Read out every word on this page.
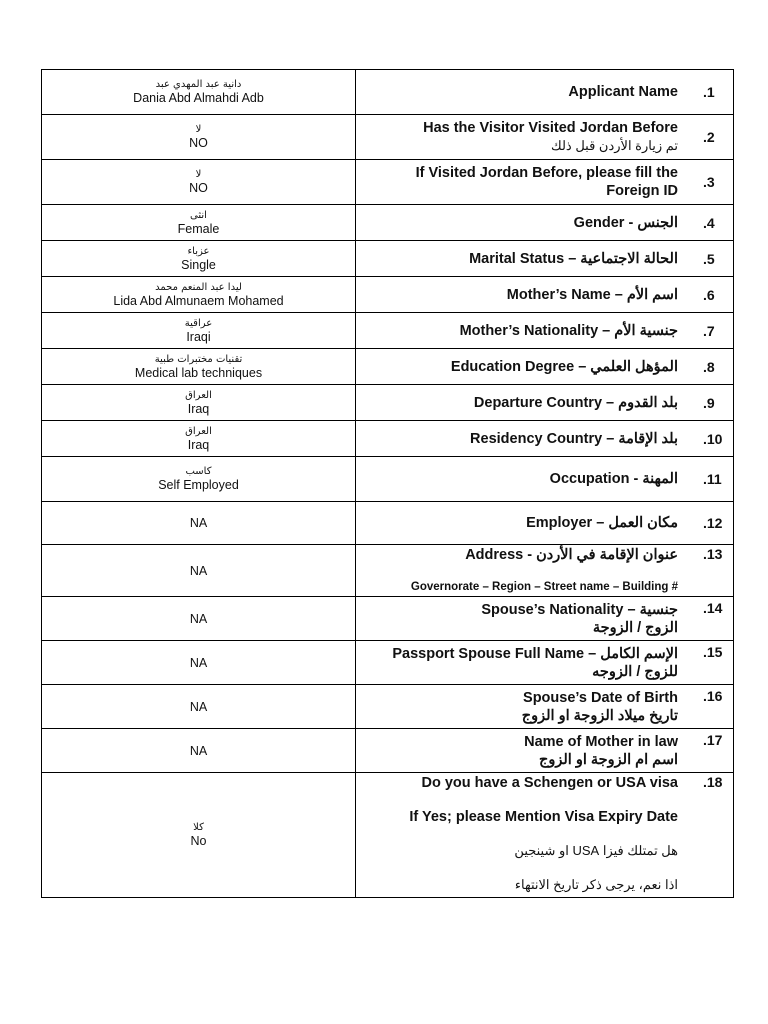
دانية عبد المهدي عبد
Dania Abd Almahdi Adb	Applicant Name .1

لا
NO	Has the Visitor Visited Jordan Before
تم زيارة الأردن قبل ذلك
.2

لا
NO	If Visited Jordan Before, please fill the
Foreign ID
.3

انثى
Female	الجنس - Gender .4

عزباء
Single	الحالة الاجتماعية – Marital Status .5

ليدا عبد المنعم محمد
Lida Abd Almunaem Mohamed	اسم الأم – Mother’s Name .6

عراقية
Iraqi	جنسية الأم – Mother’s Nationality .7

تقنيات مختبرات طبية
Medical lab techniques	المؤهل العلمي – Education Degree .8

العراق
Iraq	بلد القدوم – Departure Country .9

العراق
Iraq	بلد الإقامة – Residency Country .10

كاسب
Self Employed	المهنة - Occupation .11

NA	مكان العمل – Employer .12

NA	عنوان الإقامة في الأردن - Address
Governorate – Region – Street name – Building #
.13

NA	جنسية – Spouse’s Nationality
الزوج / الزوجة
.14

NA	الإسم الكامل – Passport Spouse Full Name
للزوج / الزوجه
.15

NA	Spouse’s Date of Birth
تاريخ ميلاد الزوجة او الزوج
.16

NA	Name of Mother in law
اسم ام الزوجة او الزوج
.17

كلا
No	Do you have a Schengen or USA visa
If Yes; please Mention Visa Expiry Date
هل تمتلك فيزا USA او شينجين
اذا نعم، يرجى ذكر تاريخ الانتهاء
.18
